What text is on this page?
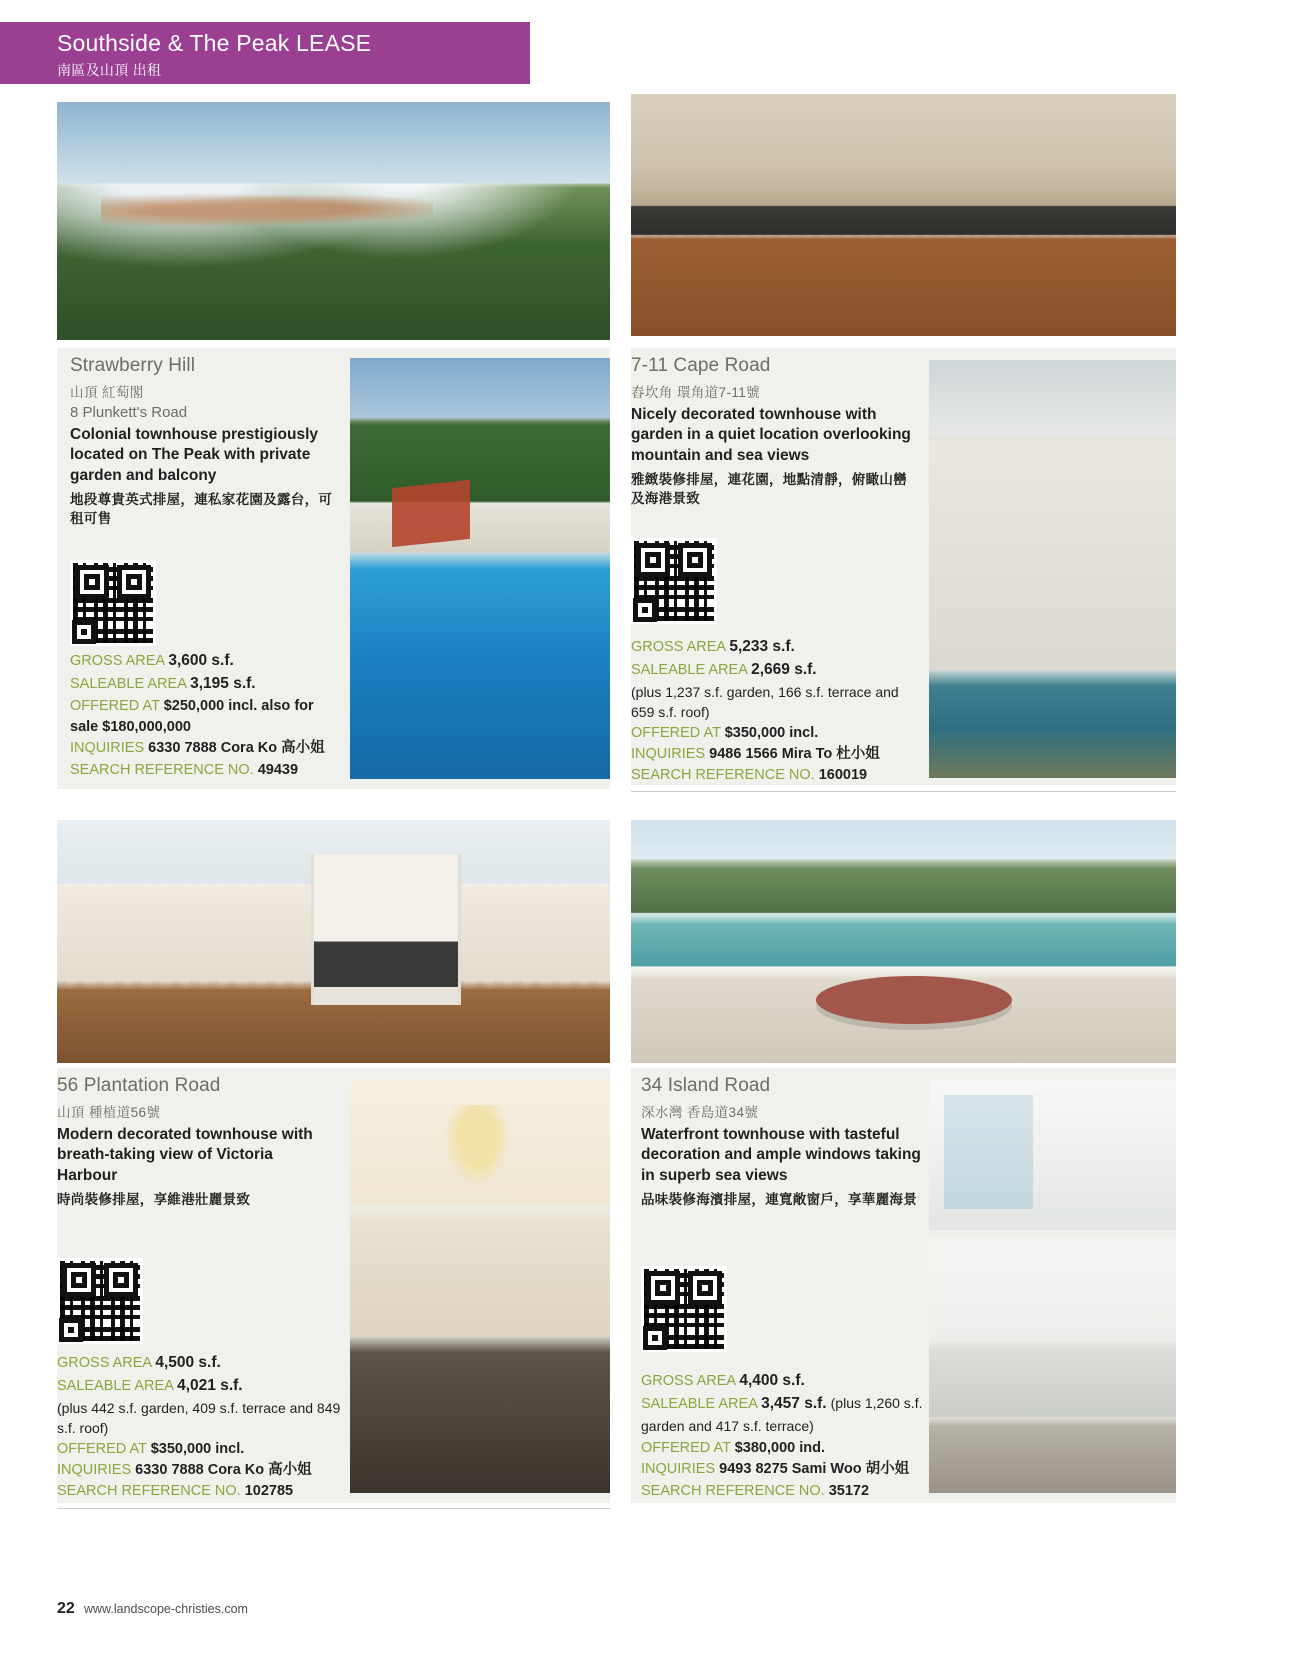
Southside & The Peak LEASE
南區及山頂 出租
Strawberry Hill
山頂 紅萄閣
8 Plunkett's Road
Colonial townhouse prestigiously located on The Peak with private garden and balcony
地段尊貴英式排屋，連私家花園及露台，可租可售
GROSS AREA 3,600 s.f.
SALEABLE AREA 3,195 s.f.
OFFERED AT $250,000 incl. also for sale $180,000,000
INQUIRIES 6330 7888 Cora Ko 高小姐
SEARCH REFERENCE NO. 49439
7-11 Cape Road
舂坎角 環角道7-11號
Nicely decorated townhouse with garden in a quiet location overlooking mountain and sea views
雅緻裝修排屋，連花園，地點清靜，俯瞰山巒及海港景致
GROSS AREA 5,233 s.f.
SALEABLE AREA 2,669 s.f.
(plus 1,237 s.f. garden, 166 s.f. terrace and 659 s.f. roof)
OFFERED AT $350,000 incl.
INQUIRIES 9486 1566 Mira To 杜小姐
SEARCH REFERENCE NO. 160019
56 Plantation Road
山頂 種植道56號
Modern decorated townhouse with breath-taking view of Victoria Harbour
時尚裝修排屋，享維港壯麗景致
GROSS AREA 4,500 s.f.
SALEABLE AREA 4,021 s.f.
(plus 442 s.f. garden, 409 s.f. terrace and 849 s.f. roof)
OFFERED AT $350,000 incl.
INQUIRIES 6330 7888 Cora Ko 高小姐
SEARCH REFERENCE NO. 102785
34 Island Road
深水灣 香島道34號
Waterfront townhouse with tasteful decoration and ample windows taking in superb sea views
品味裝修海濱排屋，連寬敞窗戶，享華麗海景
GROSS AREA 4,400 s.f.
SALEABLE AREA 3,457 s.f. (plus 1,260 s.f. garden and 417 s.f. terrace)
OFFERED AT $380,000 ind.
INQUIRIES 9493 8275 Sami Woo 胡小姐
SEARCH REFERENCE NO. 35172
22 www.landscope-christies.com
